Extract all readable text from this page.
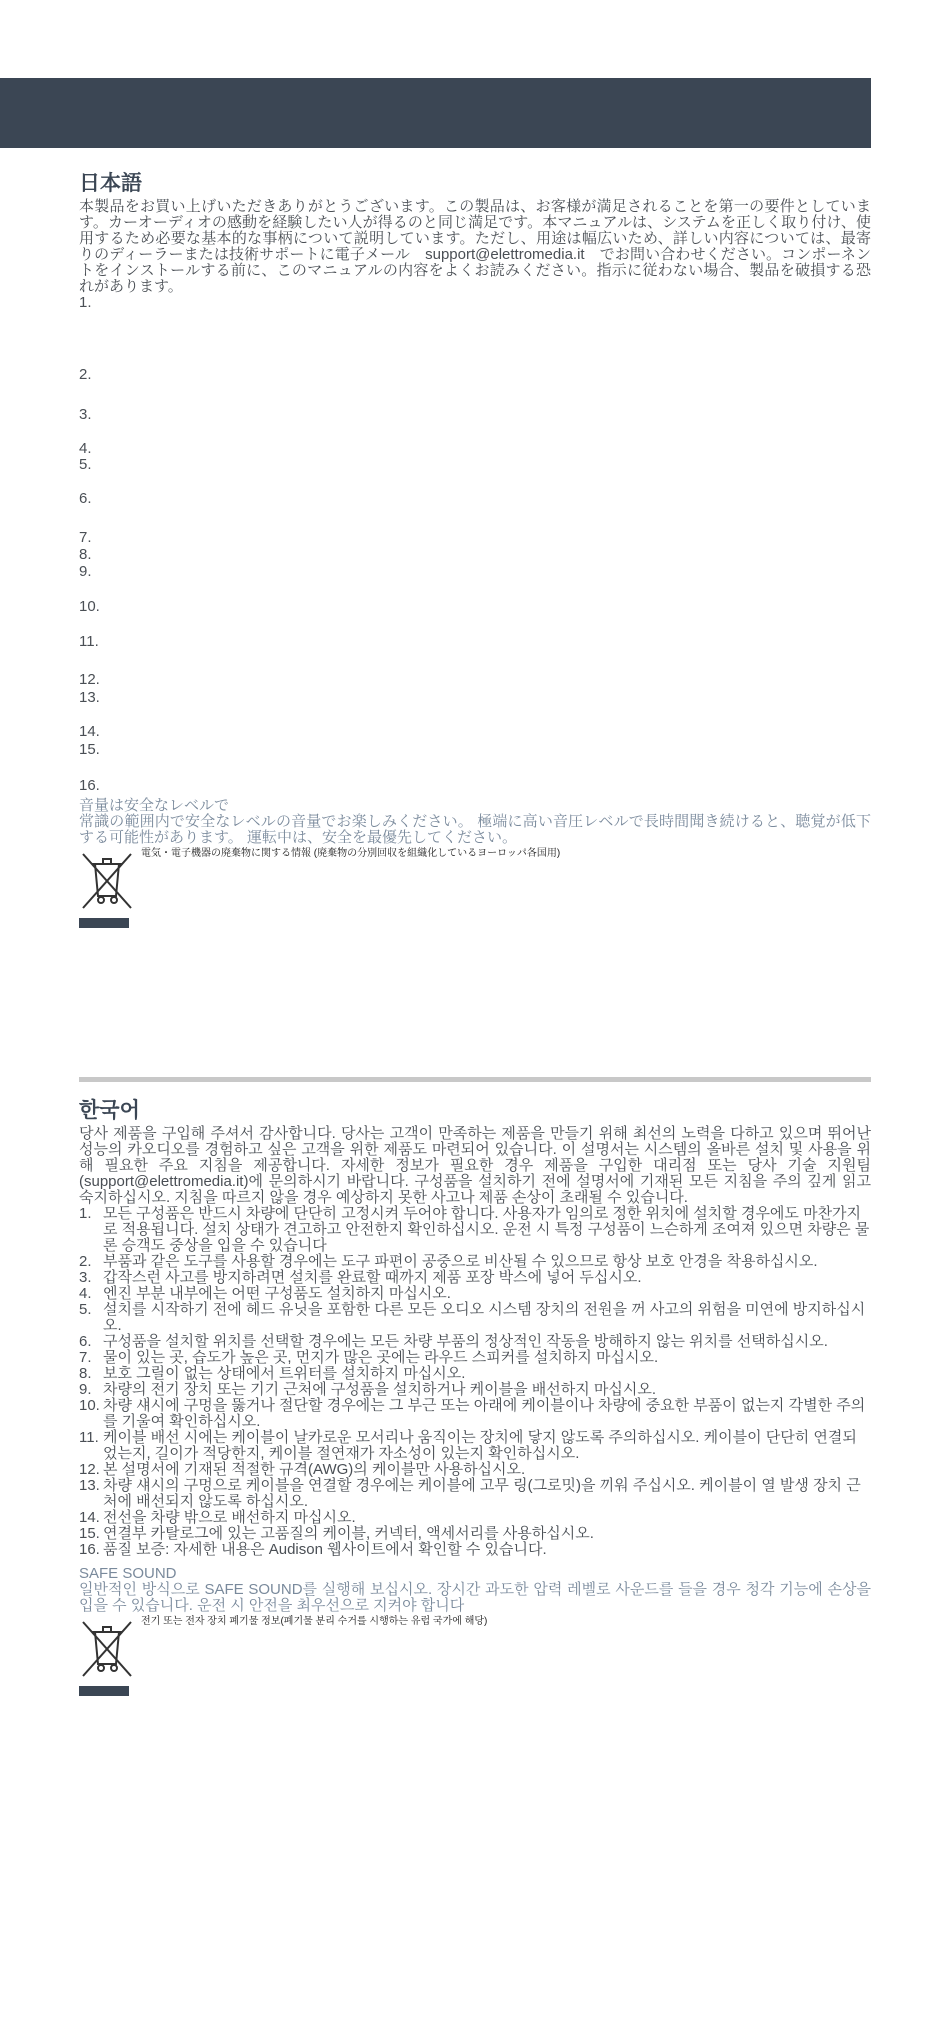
日本語

本製品をお買い上げいただきありがとうございます。この製品は、お客様が満足されることを第一の要件としています。カーオーディオの感動を経験したい人が得るのと同じ満足です。本マニュアルは、システムを正しく取り付け、使用するため必要な基本的な事柄について説明しています。ただし、用途は幅広いため、詳しい内容については、最寄りのディーラーまたは技術サポートに電子メール　support@elettromedia.it　でお問い合わせください。コンポーネントをインストールする前に、このマニュアルの内容をよくお読みください。指示に従わない場合、製品を破損する恐れがあります。

1.
2.
3.
4.
5.
6.
7.
8.
9.
10.
11.
12.
13.
14.
15.
16.

音量は安全なレベルで

常識の範囲内で安全なレベルの音量でお楽しみください。 極端に高い音圧レベルで長時間聞き続けると、聴覚が低下する可能性があります。 運転中は、安全を最優先してください。

電気・電子機器の廃棄物に関する情報 (廃棄物の分別回収を組織化しているヨーロッパ各国用)
한국어

당사 제품을 구입해 주셔서 감사합니다. 당사는 고객이 만족하는 제품을 만들기 위해 최선의 노력을 다하고 있으며 뛰어난 성능의 카오디오를 경험하고 싶은 고객을 위한 제품도 마련되어 있습니다. 이 설명서는 시스템의 올바른 설치 및 사용을 위해 필요한 주요 지침을 제공합니다. 자세한 정보가 필요한 경우 제품을 구입한 대리점 또는 당사 기술 지원팀(support@elettromedia.it)에 문의하시기 바랍니다. 구성품을 설치하기 전에 설명서에 기재된 모든 지침을 주의 깊게 읽고 숙지하십시오. 지침을 따르지 않을 경우 예상하지 못한 사고나 제품 손상이 초래될 수 있습니다.

1. 모든 구성품은 반드시 차량에 단단히 고정시켜 두어야 합니다. 사용자가 임의로 정한 위치에 설치할 경우에도 마찬가지로 적용됩니다. 설치 상태가 견고하고 안전한지 확인하십시오. 운전 시 특정 구성품이 느슨하게 조여져 있으면 차량은 물론 승객도 중상을 입을 수 있습니다
2. 부품과 같은 도구를 사용할 경우에는 도구 파편이 공중으로 비산될 수 있으므로 항상 보호 안경을 착용하십시오.
3. 갑작스런 사고를 방지하려면 설치를 완료할 때까지 제품 포장 박스에 넣어 두십시오.
4. 엔진 부분 내부에는 어떤 구성품도 설치하지 마십시오.
5. 설치를 시작하기 전에 헤드 유닛을 포함한 다른 모든 오디오 시스템 장치의 전원을 꺼 사고의 위험을 미연에 방지하십시오.
6. 구성품을 설치할 위치를 선택할 경우에는 모든 차량 부품의 정상적인 작동을 방해하지 않는 위치를 선택하십시오.
7. 물이 있는 곳, 습도가 높은 곳, 먼지가 많은 곳에는 라우드 스피커를 설치하지 마십시오.
8. 보호 그릴이 없는 상태에서 트위터를 설치하지 마십시오.
9. 차량의 전기 장치 또는 기기 근처에 구성품을 설치하거나 케이블을 배선하지 마십시오.
10. 차량 섀시에 구멍을 뚫거나 절단할 경우에는 그 부근 또는 아래에 케이블이나 차량에 중요한 부품이 없는지 각별한 주의를 기울여 확인하십시오.
11. 케이블 배선 시에는 케이블이 날카로운 모서리나 움직이는 장치에 닿지 않도록 주의하십시오. 케이블이 단단히 연결되었는지, 길이가 적당한지, 케이블 절연재가 자소성이 있는지 확인하십시오.
12. 본 설명서에 기재된 적절한 규격(AWG)의 케이블만 사용하십시오.
13. 차량 섀시의 구멍으로 케이블을 연결할 경우에는 케이블에 고무 링(그로밋)을 끼워 주십시오. 케이블이 열 발생 장치 근처에 배선되지 않도록 하십시오.
14. 전선을 차량 밖으로 배선하지 마십시오.
15. 연결부 카탈로그에 있는 고품질의 케이블, 커넥터, 액세서리를 사용하십시오.
16. 품질 보증: 자세한 내용은 Audison 웹사이트에서 확인할 수 있습니다.

SAFE SOUND

일반적인 방식으로 SAFE SOUND를 실행해 보십시오. 장시간 과도한 압력 레벨로 사운드를 들을 경우 청각 기능에 손상을 입을 수 있습니다. 운전 시 안전을 최우선으로 지켜야 합니다

전기 또는 전자 장치 폐기물 정보(폐기물 분리 수거를 시행하는 유럽 국가에 해당)
